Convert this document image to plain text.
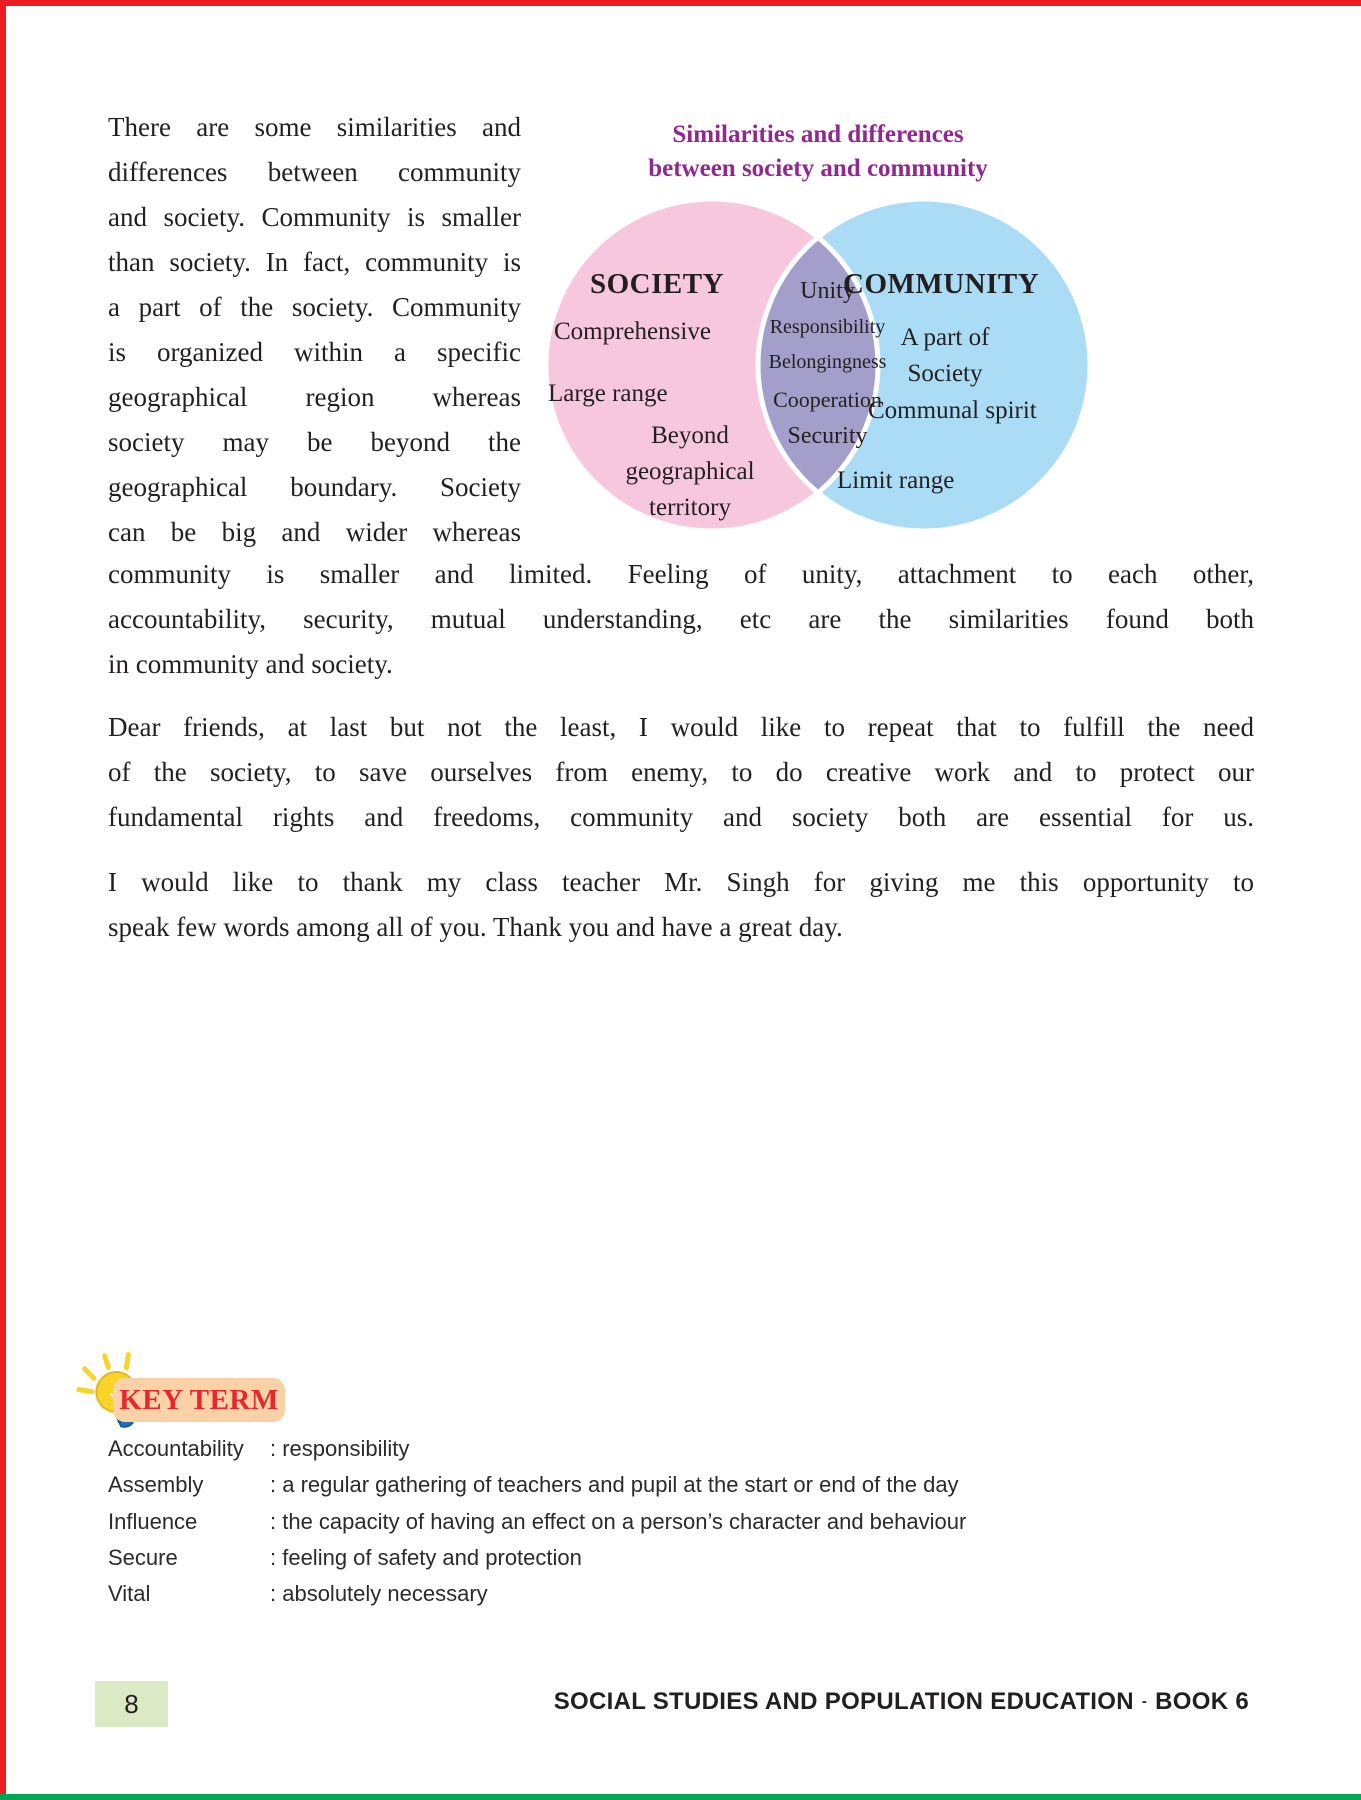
There are some similarities and
differences between community
and society. Community is smaller
than society. In fact, community is
a part of the society. Community
is organized within a specific
geographical region whereas
society may be beyond the
geographical boundary. Society
can be big and wider whereas
Similarities and differences
between society and community
SOCIETY
Comprehensive
Large range
Beyond
geographical
territory
Unity
Responsibility
Belongingness
Cooperation
Security
COMMUNITY
A part of
Society
Communal spirit
Limit range
community is smaller and limited. Feeling of unity, attachment to each other,
accountability, security, mutual understanding, etc are the similarities found both
in community and society.
Dear friends, at last but not the least, I would like to repeat that to fulfill the need
of the society, to save ourselves from enemy, to do creative work and to protect our
fundamental rights and freedoms, community and society both are essential for us.
I would like to thank my class teacher Mr. Singh for giving me this opportunity to
speak few words among all of you. Thank you and have a great day.
KEY TERM
Accountability	: responsibility
Assembly	: a regular gathering of teachers and pupil at the start or end of the day
Influence	: the capacity of having an effect on a person’s character and behaviour
Secure	: feeling of safety and protection
Vital	: absolutely necessary
8	SOCIAL STUDIES AND POPULATION EDUCATION - BOOK 6
